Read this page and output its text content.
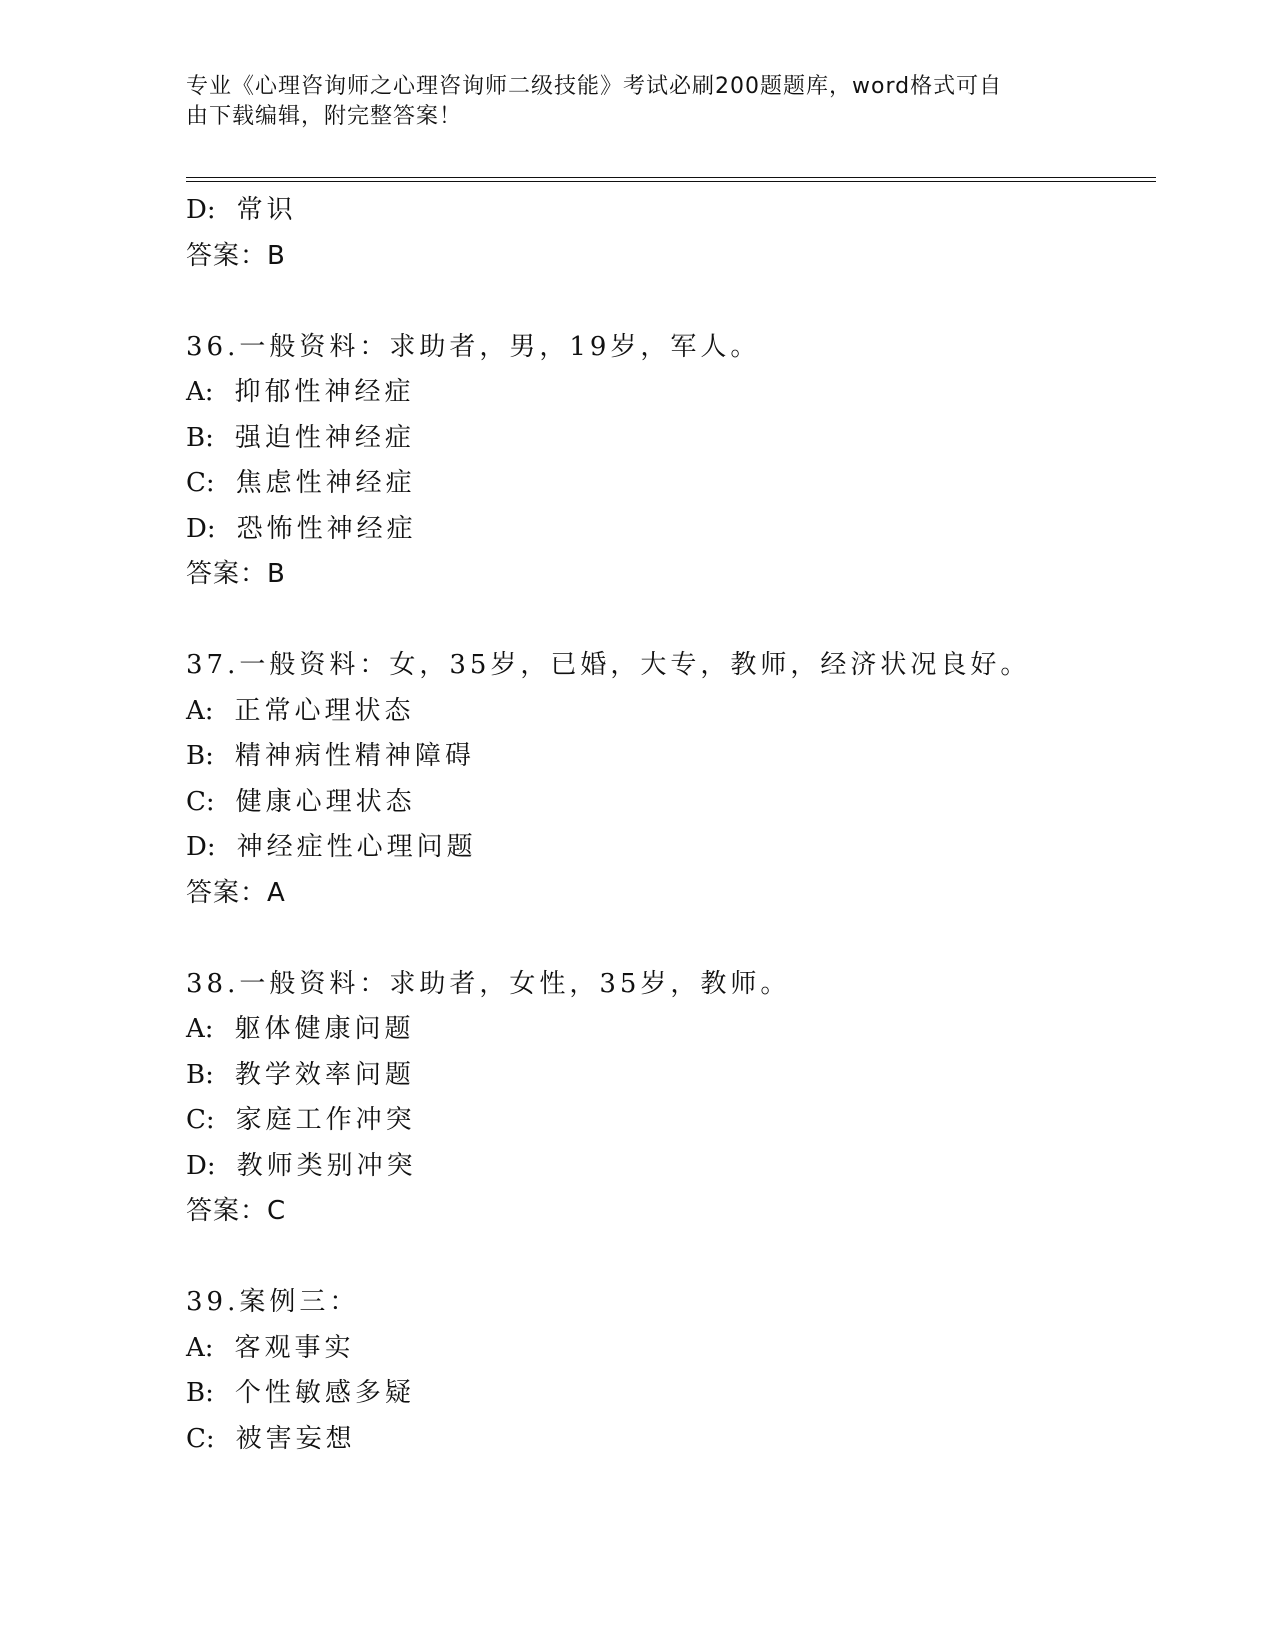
专业《心理咨询师之心理咨询师二级技能》考试必刷200题题库，word格式可自
由下载编辑，附完整答案！
D: 常识
答案：B
36.一般资料：求助者，男，19岁，军人。
A: 抑郁性神经症
B: 强迫性神经症
C: 焦虑性神经症
D: 恐怖性神经症
答案：B
37.一般资料：女，35岁，已婚，大专，教师，经济状况良好。
A: 正常心理状态
B: 精神病性精神障碍
C: 健康心理状态
D: 神经症性心理问题
答案：A
38.一般资料：求助者，女性，35岁，教师。
A: 躯体健康问题
B: 教学效率问题
C: 家庭工作冲突
D: 教师类别冲突
答案：C
39.案例三：
A: 客观事实
B: 个性敏感多疑
C: 被害妄想
